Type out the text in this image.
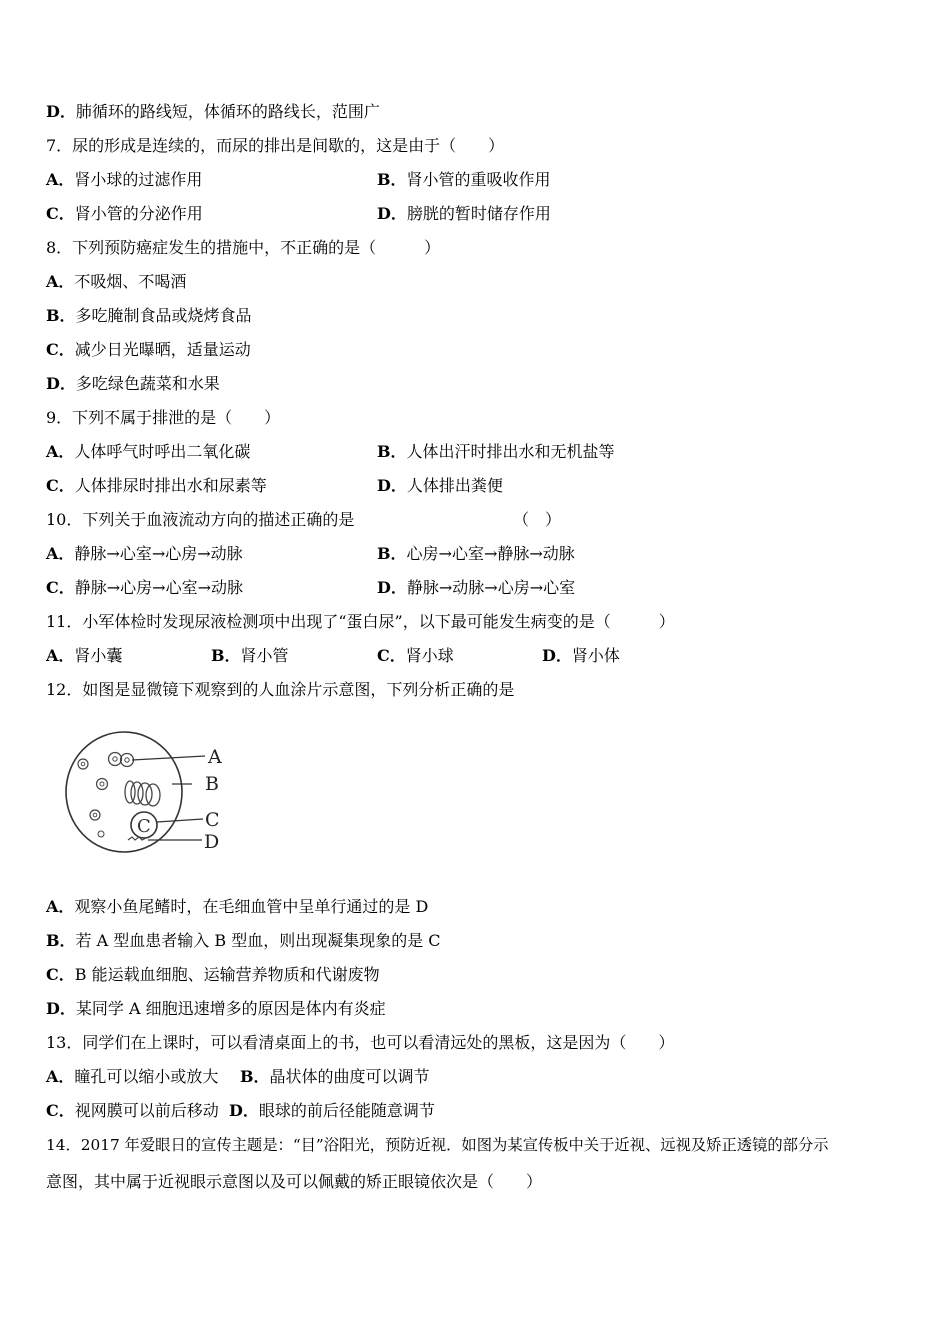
D．肺循环的路线短，体循环的路线长，范围广
7．尿的形成是连续的，而尿的排出是间歇的，这是由于（　　）
A．肾小球的过滤作用	B．肾小管的重吸收作用
C．肾小管的分泌作用	D．膀胱的暂时储存作用
8．下列预防癌症发生的措施中，不正确的是（　　　）
A．不吸烟、不喝酒
B．多吃腌制食品或烧烤食品
C．减少日光曝晒，适量运动
D．多吃绿色蔬菜和水果
9．下列不属于排泄的是（　　）
A．人体呼气时呼出二氧化碳	B．人体出汗时排出水和无机盐等
C．人体排尿时排出水和尿素等	D．人体排出粪便
10．下列关于血液流动方向的描述正确的是	（　）
A．静脉→心室→心房→动脉	B．心房→心室→静脉→动脉
C．静脉→心房→心室→动脉	D．静脉→动脉→心房→心室
11．小军体检时发现尿液检测项中出现了“蛋白尿”，以下最可能发生病变的是（　　　）
A．肾小囊	B．肾小管	C．肾小球	D．肾小体
12．如图是显微镜下观察到的人血涂片示意图，下列分析正确的是
C
A
B
C
D
A．观察小鱼尾鳍时，在毛细血管中呈单行通过的是 D
B．若 A 型血患者输入 B 型血，则出现凝集现象的是 C
C．B 能运载血细胞、运输营养物质和代谢废物
D．某同学 A 细胞迅速增多的原因是体内有炎症
13．同学们在上课时，可以看清桌面上的书，也可以看清远处的黑板，这是因为（　　）
A．瞳孔可以缩小或放大 B．晶状体的曲度可以调节
C．视网膜可以前后移动 D．眼球的前后径能随意调节
14．2017 年爱眼日的宣传主题是：“目”浴阳光，预防近视．如图为某宣传板中关于近视、远视及矫正透镜的部分示
意图，其中属于近视眼示意图以及可以佩戴的矫正眼镜依次是（　　）
